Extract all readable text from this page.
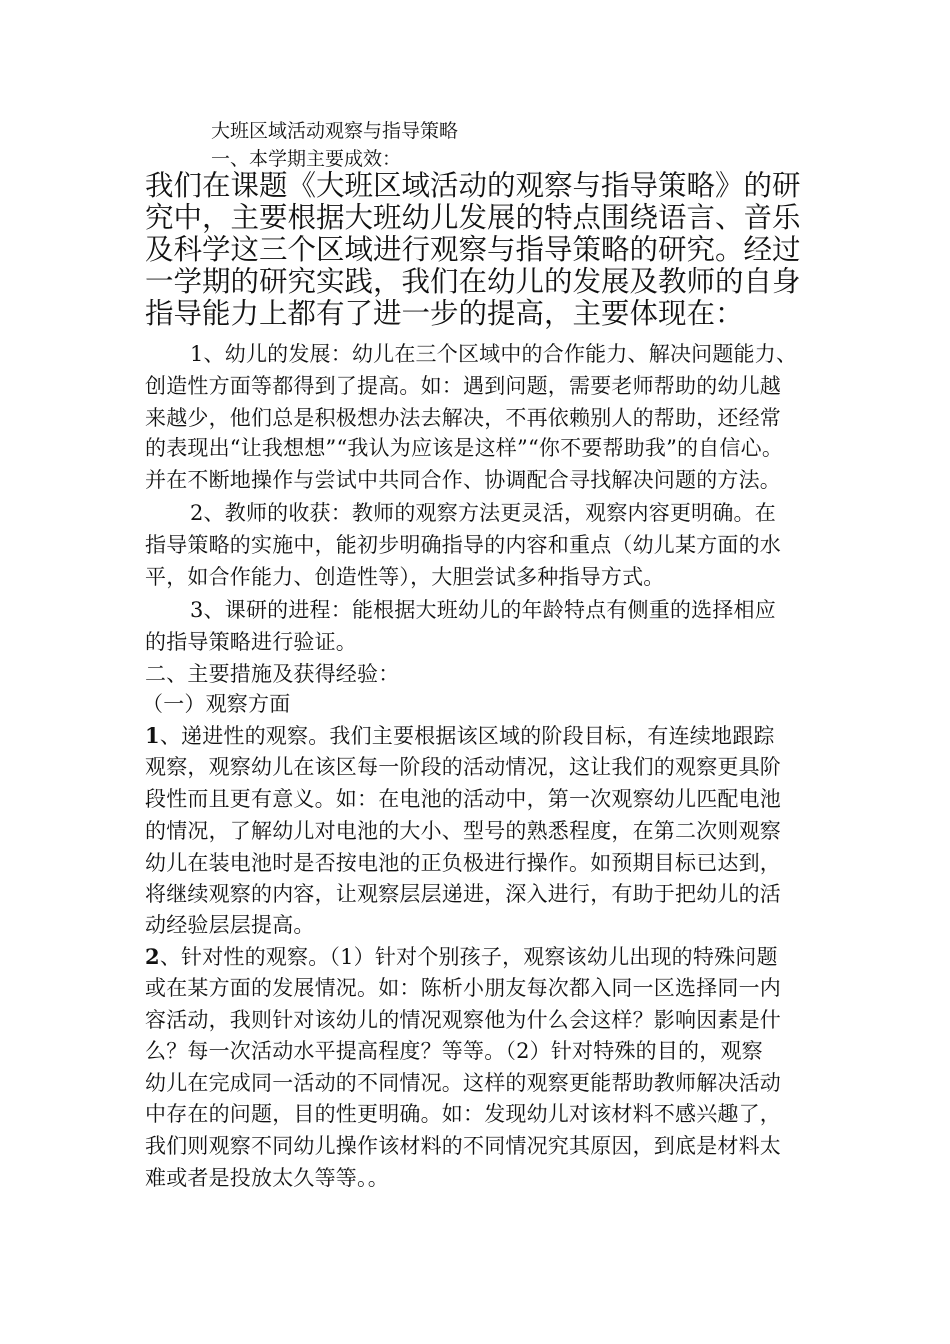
大班区域活动观察与指导策略
一、本学期主要成效：
我们在课题《大班区域活动的观察与指导策略》的研
究中，主要根据大班幼儿发展的特点围绕语言、音乐
及科学这三个区域进行观察与指导策略的研究。经过
一学期的研究实践，我们在幼儿的发展及教师的自身
指导能力上都有了进一步的提高，主要体现在：
1、幼儿的发展：幼儿在三个区域中的合作能力、解决问题能力、
创造性方面等都得到了提高。如：遇到问题，需要老师帮助的幼儿越
来越少，他们总是积极想办法去解决，不再依赖别人的帮助，还经常
的表现出“让我想想”“我认为应该是这样”“你不要帮助我”的自信心。
并在不断地操作与尝试中共同合作、协调配合寻找解决问题的方法。
2、教师的收获：教师的观察方法更灵活，观察内容更明确。在
指导策略的实施中，能初步明确指导的内容和重点（幼儿某方面的水
平，如合作能力、创造性等），大胆尝试多种指导方式。
3、课研的进程：能根据大班幼儿的年龄特点有侧重的选择相应
的指导策略进行验证。
二、主要措施及获得经验：
（一）观察方面
1、递进性的观察。我们主要根据该区域的阶段目标，有连续地跟踪
观察，观察幼儿在该区每一阶段的活动情况，这让我们的观察更具阶
段性而且更有意义。如：在电池的活动中，第一次观察幼儿匹配电池
的情况，了解幼儿对电池的大小、型号的熟悉程度，在第二次则观察
幼儿在装电池时是否按电池的正负极进行操作。如预期目标已达到，
将继续观察的内容，让观察层层递进，深入进行，有助于把幼儿的活
动经验层层提高。
2、针对性的观察。（1）针对个别孩子，观察该幼儿出现的特殊问题
或在某方面的发展情况。如：陈析小朋友每次都入同一区选择同一内
容活动，我则针对该幼儿的情况观察他为什么会这样？影响因素是什
么？每一次活动水平提高程度？等等。（2）针对特殊的目的，观察
幼儿在完成同一活动的不同情况。这样的观察更能帮助教师解决活动
中存在的问题，目的性更明确。如：发现幼儿对该材料不感兴趣了，
我们则观察不同幼儿操作该材料的不同情况究其原因，到底是材料太
难或者是投放太久等等。。
